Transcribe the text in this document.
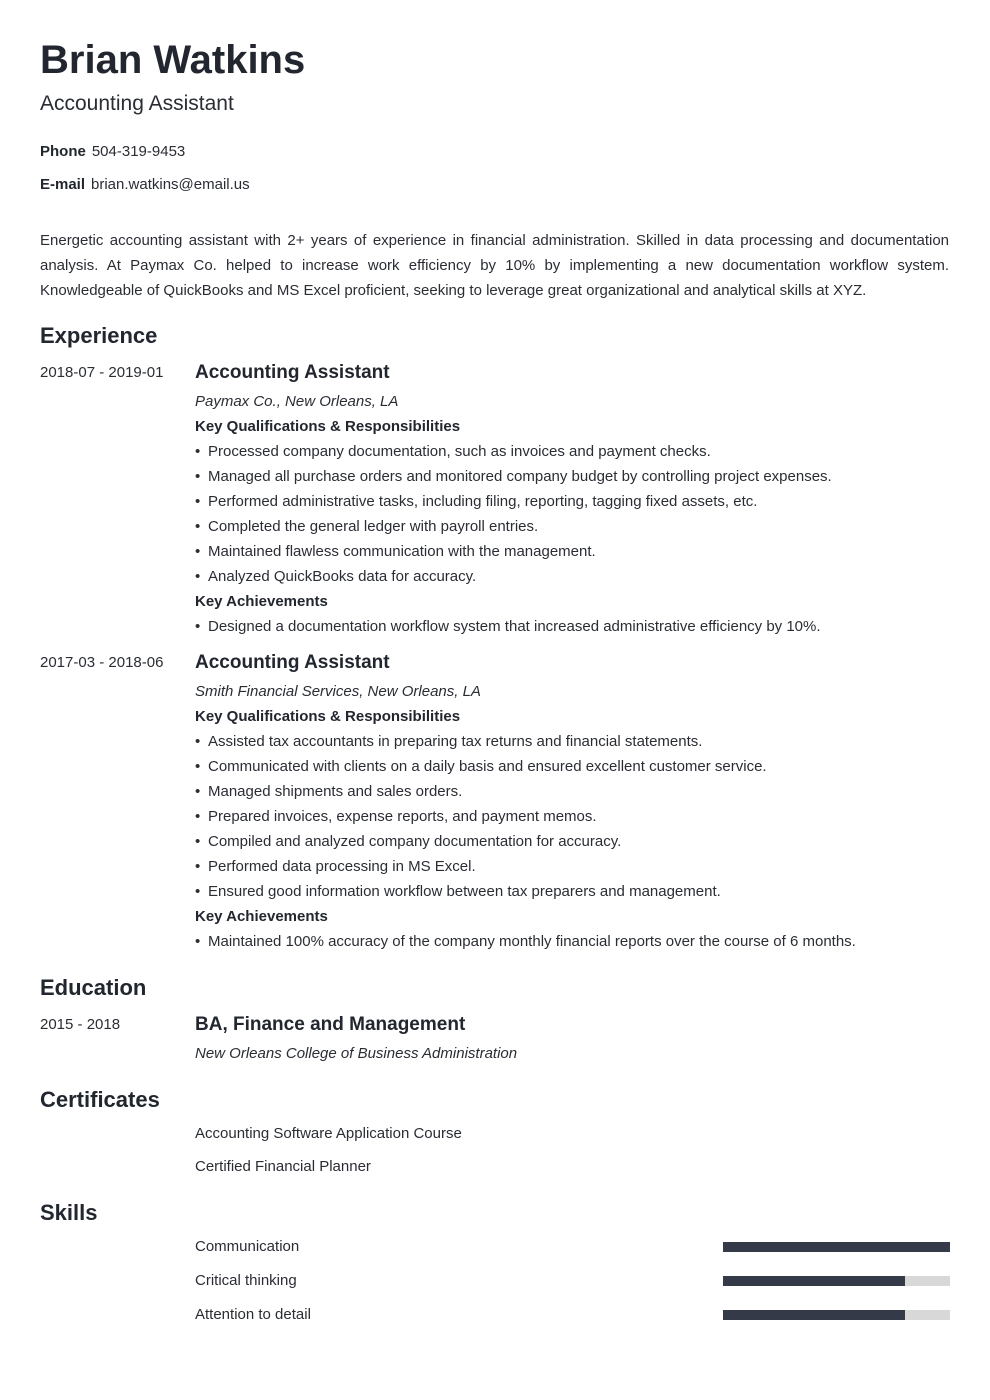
Brian Watkins
Accounting Assistant
Phone 504-319-9453
E-mail brian.watkins@email.us
Energetic accounting assistant with 2+ years of experience in financial administration. Skilled in data processing and documentation analysis. At Paymax Co. helped to increase work efficiency by 10% by implementing a new documentation workflow system. Knowledgeable of QuickBooks and MS Excel proficient, seeking to leverage great organizational and analytical skills at XYZ.
Experience
2018-07 - 2019-01 Accounting Assistant
Paymax Co., New Orleans, LA
Key Qualifications & Responsibilities
• Processed company documentation, such as invoices and payment checks.
• Managed all purchase orders and monitored company budget by controlling project expenses.
• Performed administrative tasks, including filing, reporting, tagging fixed assets, etc.
• Completed the general ledger with payroll entries.
• Maintained flawless communication with the management.
• Analyzed QuickBooks data for accuracy.
Key Achievements
• Designed a documentation workflow system that increased administrative efficiency by 10%.
2017-03 - 2018-06 Accounting Assistant
Smith Financial Services, New Orleans, LA
Key Qualifications & Responsibilities
• Assisted tax accountants in preparing tax returns and financial statements.
• Communicated with clients on a daily basis and ensured excellent customer service.
• Managed shipments and sales orders.
• Prepared invoices, expense reports, and payment memos.
• Compiled and analyzed company documentation for accuracy.
• Performed data processing in MS Excel.
• Ensured good information workflow between tax preparers and management.
Key Achievements
• Maintained 100% accuracy of the company monthly financial reports over the course of 6 months.
Education
2015 - 2018	BA, Finance and Management
New Orleans College of Business Administration
Certificates
Accounting Software Application Course
Certified Financial Planner
Skills
Communication
Critical thinking
Attention to detail
